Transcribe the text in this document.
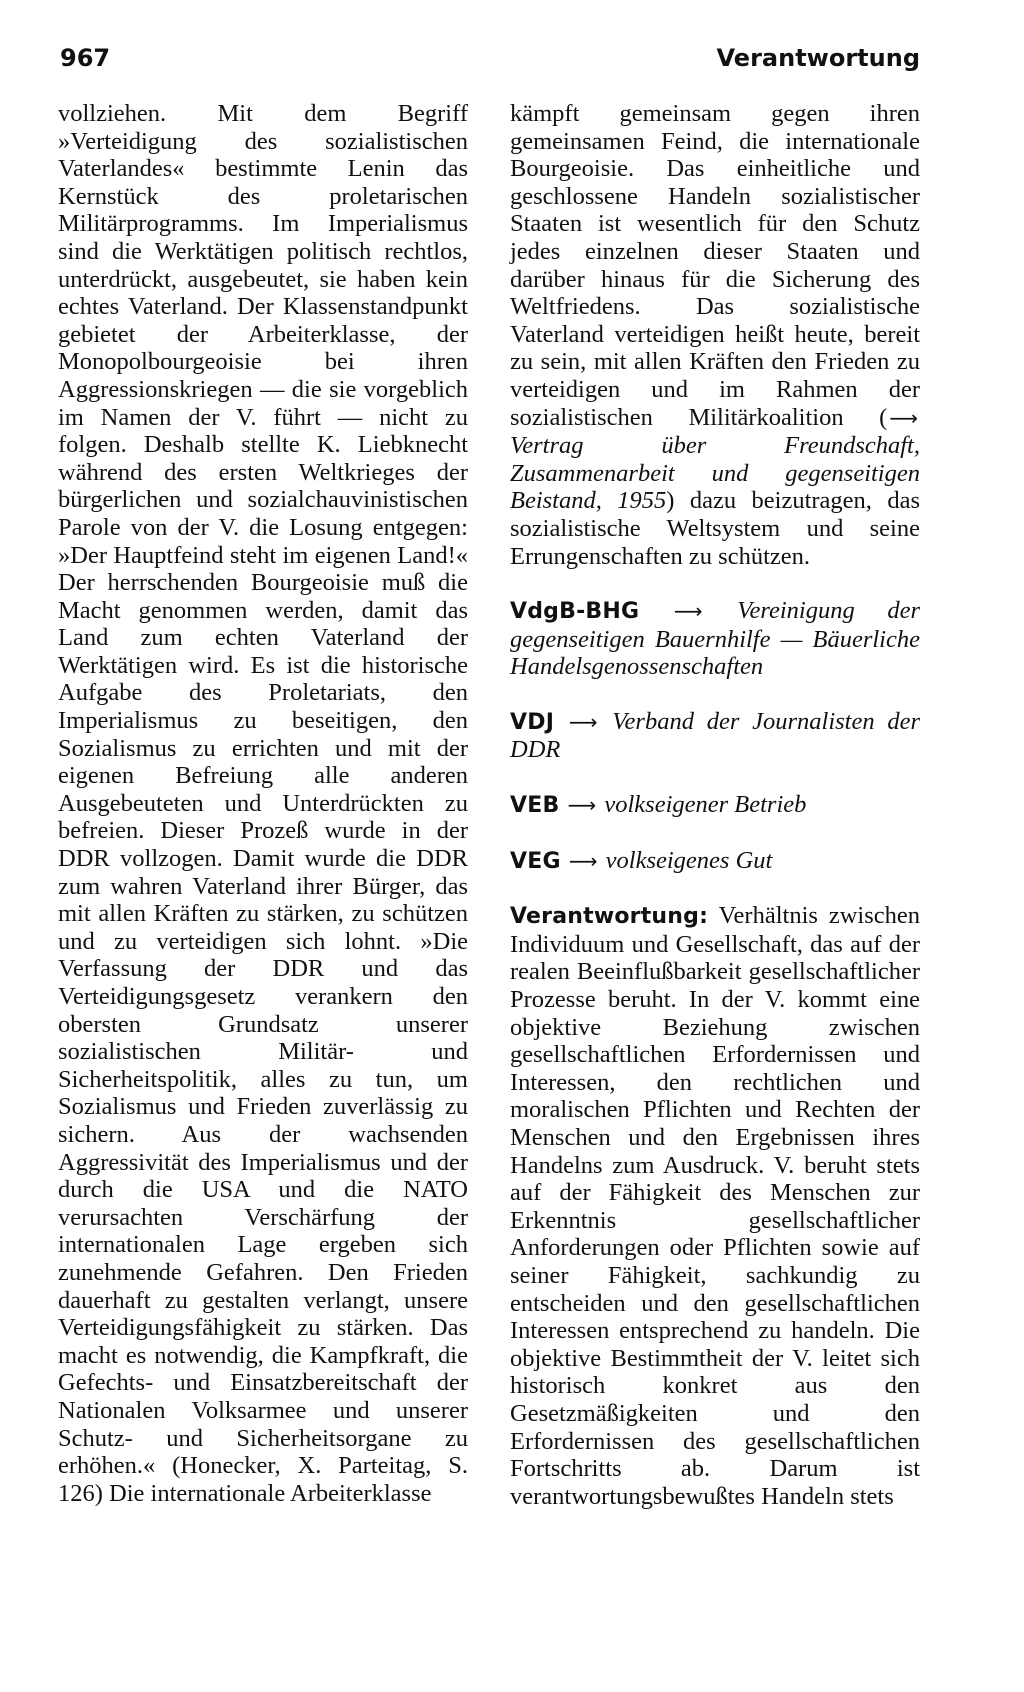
967	Verantwortung

vollziehen. Mit dem Begriff »Verteidigung des sozialistischen Vaterlandes« bestimmte Lenin das Kernstück des proletarischen Militärprogramms. Im Imperialismus sind die Werktätigen politisch rechtlos, unterdrückt, ausgebeutet, sie haben kein echtes Vaterland. Der Klassenstandpunkt gebietet der Arbeiterklasse, der Monopolbourgeoisie bei ihren Aggressionskriegen — die sie vorgeblich im Namen der V. führt — nicht zu folgen. Deshalb stellte K. Liebknecht während des ersten Weltkrieges der bürgerlichen und sozialchauvinistischen Parole von der V. die Losung entgegen: »Der Hauptfeind steht im eigenen Land!« Der herrschenden Bourgeoisie muß die Macht genommen werden, damit das Land zum echten Vaterland der Werktätigen wird. Es ist die historische Aufgabe des Proletariats, den Imperialismus zu beseitigen, den Sozialismus zu errichten und mit der eigenen Befreiung alle anderen Ausgebeuteten und Unterdrückten zu befreien. Dieser Prozeß wurde in der DDR vollzogen. Damit wurde die DDR zum wahren Vaterland ihrer Bürger, das mit allen Kräften zu stärken, zu schützen und zu verteidigen sich lohnt. »Die Verfassung der DDR und das Verteidigungsgesetz verankern den obersten Grundsatz unserer sozialistischen Militär- und Sicherheitspolitik, alles zu tun, um Sozialismus und Frieden zuverlässig zu sichern. Aus der wachsenden Aggressivität des Imperialismus und der durch die USA und die NATO verursachten Verschärfung der internationalen Lage ergeben sich zunehmende Gefahren. Den Frieden dauerhaft zu gestalten verlangt, unsere Verteidigungsfähigkeit zu stärken. Das macht es notwendig, die Kampfkraft, die Gefechts- und Einsatzbereitschaft der Nationalen Volksarmee und unserer Schutz- und Sicherheitsorgane zu erhöhen.« (Honecker, X. Parteitag, S. 126) Die internationale Arbeiterklasse

kämpft gemeinsam gegen ihren gemeinsamen Feind, die internationale Bourgeoisie. Das einheitliche und geschlossene Handeln sozialistischer Staaten ist wesentlich für den Schutz jedes einzelnen dieser Staaten und darüber hinaus für die Sicherung des Weltfriedens. Das sozialistische Vaterland verteidigen heißt heute, bereit zu sein, mit allen Kräften den Frieden zu verteidigen und im Rahmen der sozialistischen Militärkoalition ( ⟶ Vertrag über Freundschaft, Zusammenarbeit und gegenseitigen Beistand, 1955) dazu beizutragen, das sozialistische Weltsystem und seine Errungenschaften zu schützen.

VdgB-BHG ⟶ Vereinigung der gegenseitigen Bauernhilfe — Bäuerliche Handelsgenossenschaften

VDJ ⟶ Verband der Journalisten der DDR

VEB ⟶ volkseigener Betrieb

VEG ⟶ volkseigenes Gut

Verantwortung: Verhältnis zwischen Individuum und Gesellschaft, das auf der realen Beeinflußbarkeit gesellschaftlicher Prozesse beruht. In der V. kommt eine objektive Beziehung zwischen gesellschaftlichen Erfordernissen und Interessen, den rechtlichen und moralischen Pflichten und Rechten der Menschen und den Ergebnissen ihres Handelns zum Ausdruck. V. beruht stets auf der Fähigkeit des Menschen zur Erkenntnis gesellschaftlicher Anforderungen oder Pflichten sowie auf seiner Fähigkeit, sachkundig zu entscheiden und den gesellschaftlichen Interessen entsprechend zu handeln. Die objektive Bestimmtheit der V. leitet sich historisch konkret aus den Gesetzmäßigkeiten und den Erfordernissen des gesellschaftlichen Fortschritts ab. Darum ist verantwortungsbewußtes Handeln stets
